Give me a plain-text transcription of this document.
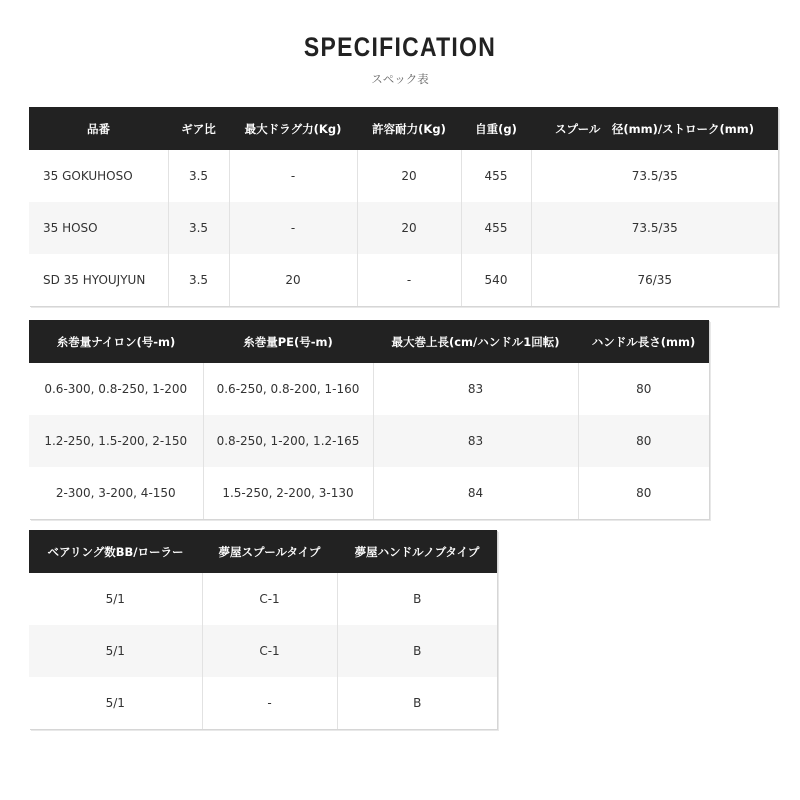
SPECIFICATION
スペック表
品番	ギア比	最大ドラグ力(Kg)	許容耐力(Kg)	自重(g)	スプール　径(mm)/ストローク(mm)
35 GOKUHOSO	3.5	-	20	455	73.5/35
35 HOSO	3.5	-	20	455	73.5/35
SD 35 HYOUJYUN	3.5	20	-	540	76/35
糸巻量ナイロン(号-m)	糸巻量PE(号-m)	最大巻上長(cm/ハンドル1回転)	ハンドル長さ(mm)
0.6-300, 0.8-250, 1-200	0.6-250, 0.8-200, 1-160	83	80
1.2-250, 1.5-200, 2-150	0.8-250, 1-200, 1.2-165	83	80
2-300, 3-200, 4-150	1.5-250, 2-200, 3-130	84	80
ベアリング数BB/ローラー	夢屋スプールタイプ	夢屋ハンドルノブタイプ
5/1	C-1	B
5/1	C-1	B
5/1	-	B
